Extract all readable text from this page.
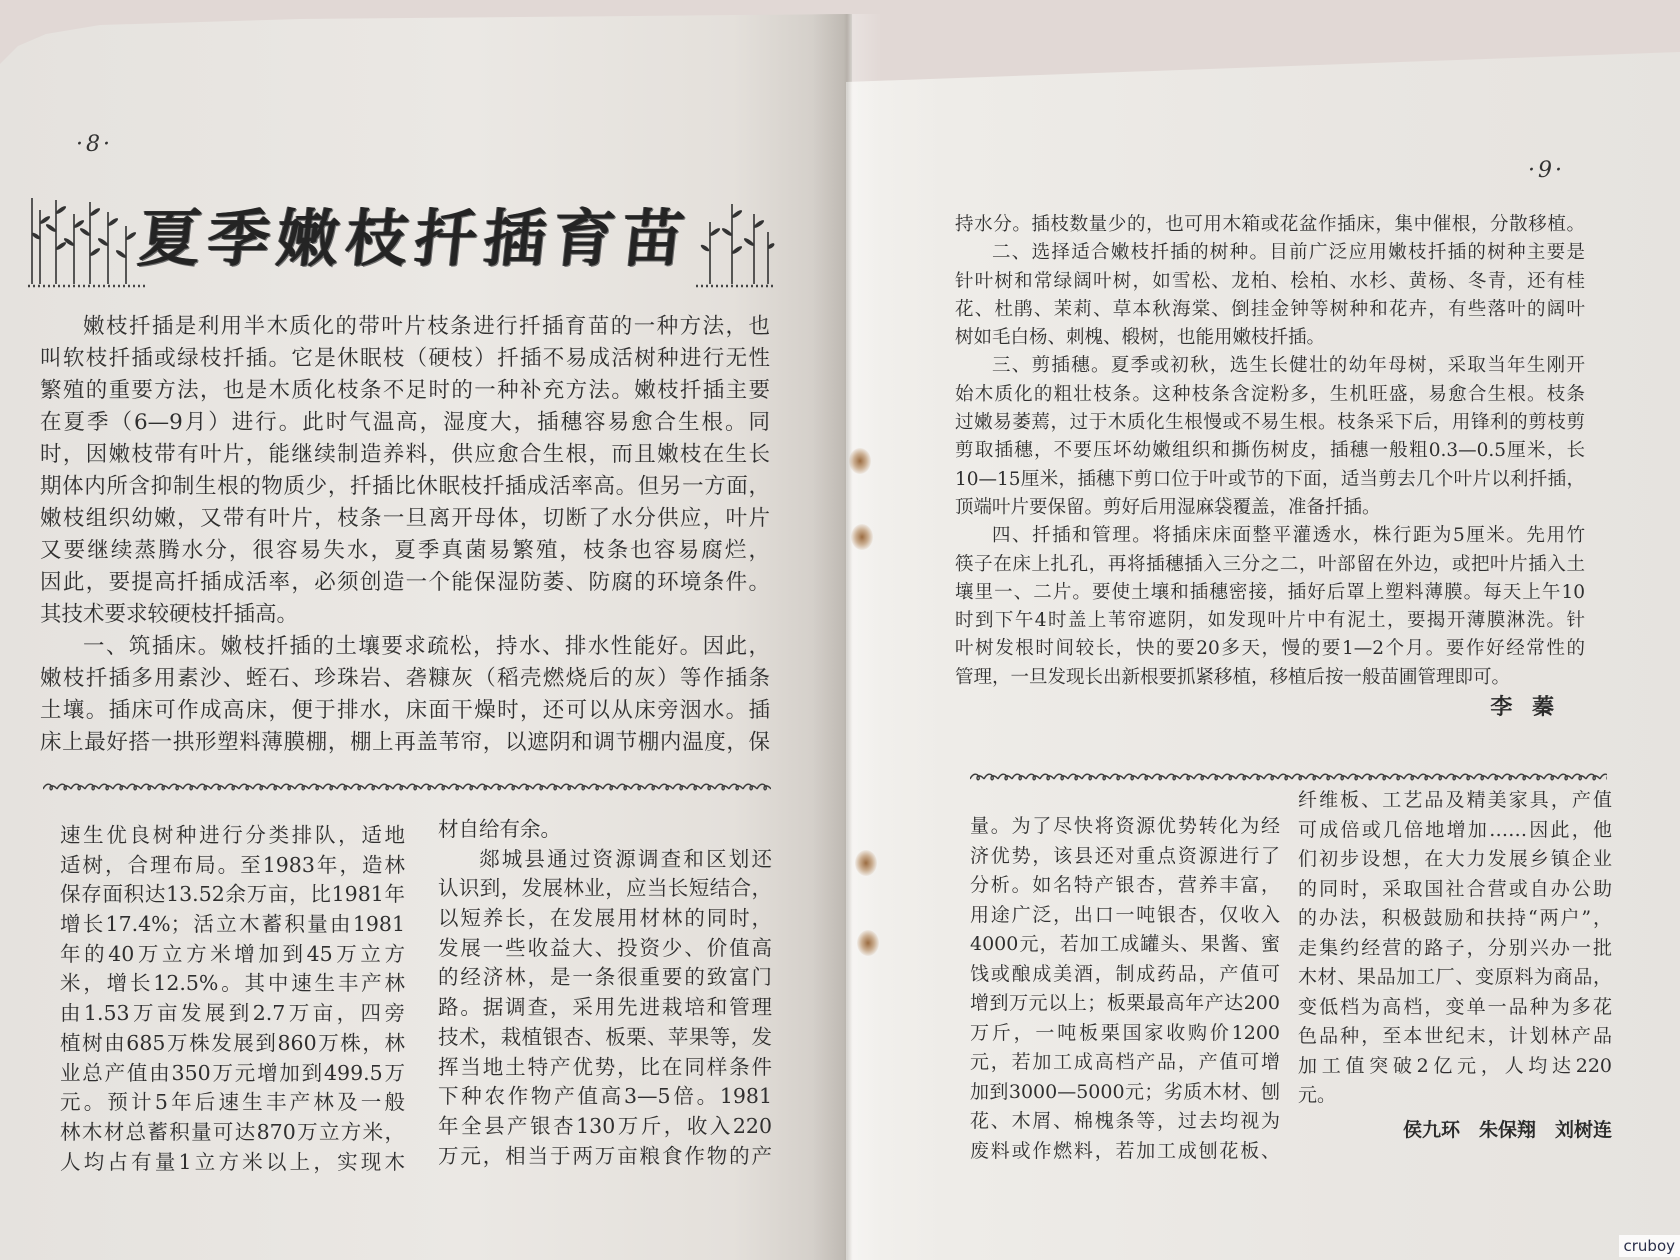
·8·
夏季嫩枝扦插育苗
嫩枝扦插是利用半木质化的带叶片枝条进行扦插育苗的一种方法，也
叫软枝扦插或绿枝扦插。它是休眠枝（硬枝）扦插不易成活树种进行无性
繁殖的重要方法，也是木质化枝条不足时的一种补充方法。嫩枝扦插主要
在夏季（6—9月）进行。此时气温高，湿度大，插穗容易愈合生根。同
时，因嫩枝带有叶片，能继续制造养料，供应愈合生根，而且嫩枝在生长
期体内所含抑制生根的物质少，扦插比休眠枝扦插成活率高。但另一方面，
嫩枝组织幼嫩，又带有叶片，枝条一旦离开母体，切断了水分供应，叶片
又要继续蒸腾水分，很容易失水，夏季真菌易繁殖，枝条也容易腐烂，
因此，要提高扦插成活率，必须创造一个能保湿防萎、防腐的环境条件。
其技术要求较硬枝扦插高。
一、筑插床。嫩枝扦插的土壤要求疏松，持水、排水性能好。因此，
嫩枝扦插多用素沙、蛭石、珍珠岩、砻糠灰（稻壳燃烧后的灰）等作插条
土壤。插床可作成高床，便于排水，床面干燥时，还可以从床旁洇水。插
床上最好搭一拱形塑料薄膜棚，棚上再盖苇帘，以遮阴和调节棚内温度，保
速生优良树种进行分类排队，适地
适树，合理布局。至1983年，造林
保存面积达13.52余万亩，比1981年
增长17.4%；活立木蓄积量由1981
年的40万立方米增加到45万立方
米，增长12.5%。其中速生丰产林
由1.53万亩发展到2.7万亩，四旁
植树由685万株发展到860万株，林
业总产值由350万元增加到499.5万
元。预计5年后速生丰产林及一般
林木材总蓄积量可达870万立方米，
人均占有量1立方米以上，实现木
材自给有余。
郯城县通过资源调查和区划还
认识到，发展林业，应当长短结合，
以短养长，在发展用材林的同时，
发展一些收益大、投资少、价值高
的经济林，是一条很重要的致富门
路。据调查，采用先进栽培和管理
技术，栽植银杏、板栗、苹果等，发
挥当地土特产优势，比在同样条件
下种农作物产值高3—5倍。1981
年全县产银杏130万斤，收入220
万元，相当于两万亩粮食作物的产
·9·
持水分。插枝数量少的，也可用木箱或花盆作插床，集中催根，分散移植。
二、选择适合嫩枝扦插的树种。目前广泛应用嫩枝扦插的树种主要是
针叶树和常绿阔叶树，如雪松、龙柏、桧柏、水杉、黄杨、冬青，还有桂
花、杜鹃、茉莉、草本秋海棠、倒挂金钟等树种和花卉，有些落叶的阔叶
树如毛白杨、刺槐、椴树，也能用嫩枝扦插。
三、剪插穗。夏季或初秋，选生长健壮的幼年母树，采取当年生刚开
始木质化的粗壮枝条。这种枝条含淀粉多，生机旺盛，易愈合生根。枝条
过嫩易萎蔫，过于木质化生根慢或不易生根。枝条采下后，用锋利的剪枝剪
剪取插穗，不要压坏幼嫩组织和撕伤树皮，插穗一般粗0.3—0.5厘米，长
10—15厘米，插穗下剪口位于叶或节的下面，适当剪去几个叶片以利扦插，
顶端叶片要保留。剪好后用湿麻袋覆盖，准备扦插。
四、扦插和管理。将插床床面整平灌透水，株行距为5厘米。先用竹
筷子在床上扎孔，再将插穗插入三分之二，叶部留在外边，或把叶片插入土
壤里一、二片。要使土壤和插穗密接，插好后罩上塑料薄膜。每天上午10
时到下午4时盖上苇帘遮阴，如发现叶片中有泥土，要揭开薄膜淋洗。针
叶树发根时间较长，快的要20多天，慢的要1—2个月。要作好经常性的
管理，一旦发现长出新根要抓紧移植，移植后按一般苗圃管理即可。
李 蓁
量。为了尽快将资源优势转化为经
济优势，该县还对重点资源进行了
分析。如名特产银杏，营养丰富，
用途广泛，出口一吨银杏，仅收入
4000元，若加工成罐头、果酱、蜜
饯或酿成美酒，制成药品，产值可
增到万元以上；板栗最高年产达200
万斤，一吨板栗国家收购价1200
元，若加工成高档产品，产值可增
加到3000—5000元；劣质木材、刨
花、木屑、棉槐条等，过去均视为
废料或作燃料，若加工成刨花板、
纤维板、工艺品及精美家具，产值
可成倍或几倍地增加……因此，他
们初步设想，在大力发展乡镇企业
的同时，采取国社合营或自办公助
的办法，积极鼓励和扶持“两户”，
走集约经营的路子，分别兴办一批
木材、果品加工厂、变原料为商品，
变低档为高档，变单一品种为多花
色品种，至本世纪末，计划林产品
加工值突破2亿元，人均达220
元。
侯九环　朱保翔　刘树连
cruboy
